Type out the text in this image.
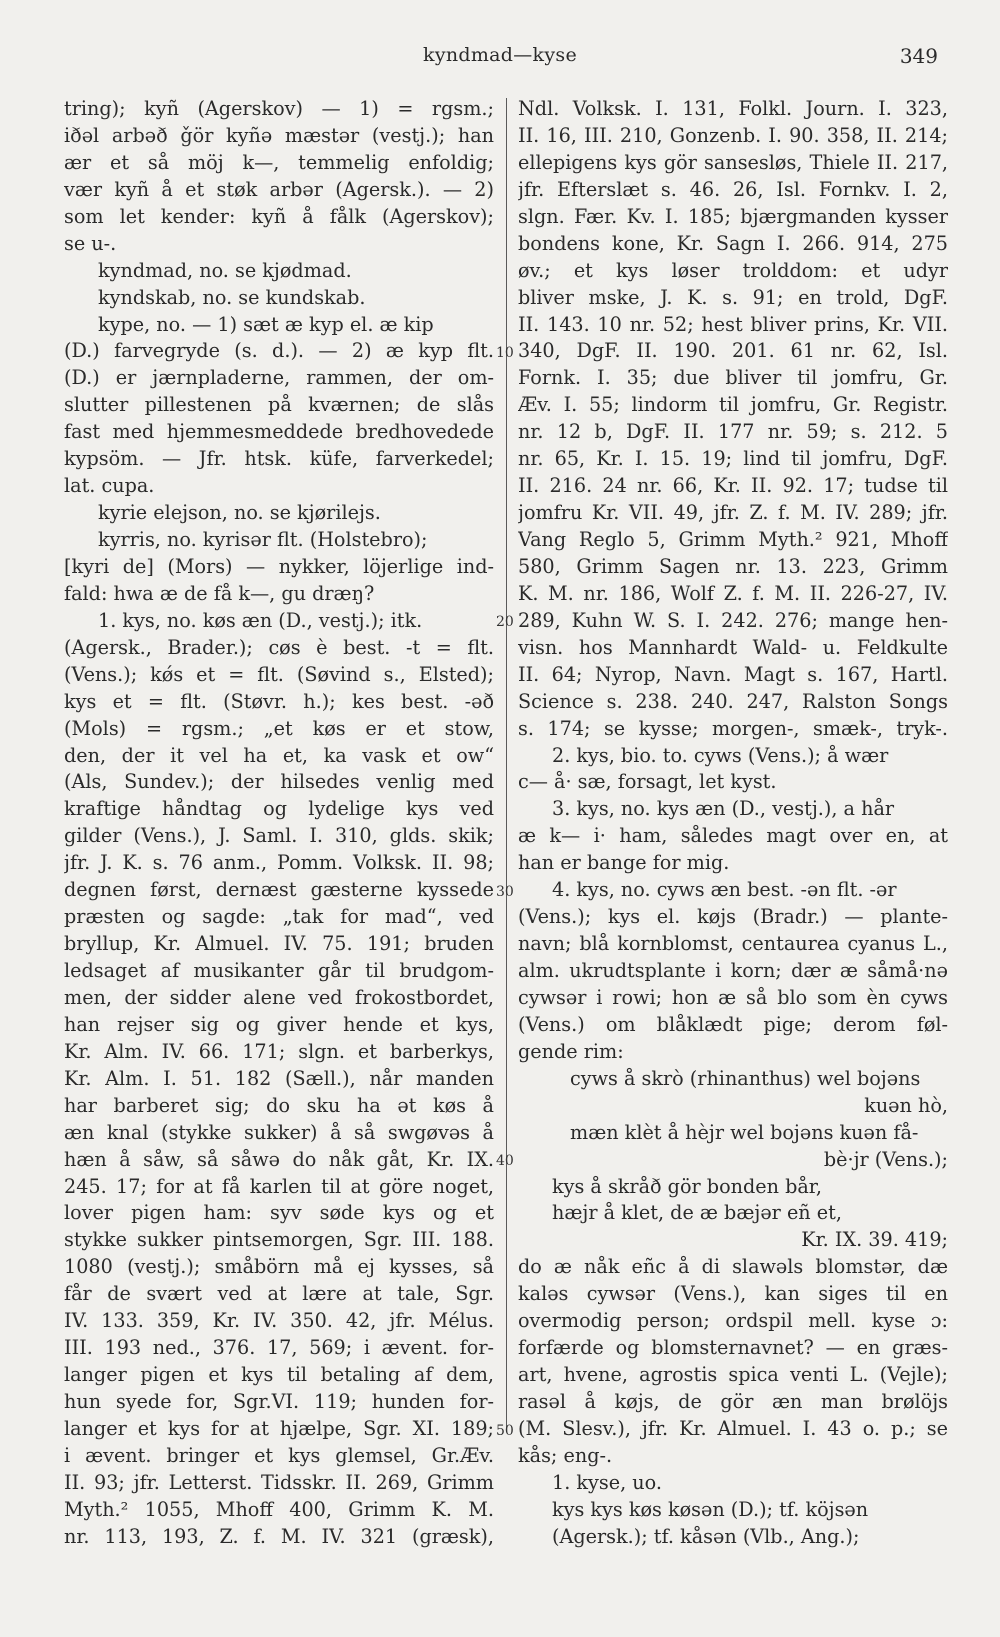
kyndmad—kyse	349
tring); kyñ (Agerskov) — 1) = rgsm.;
iðəl arbəð ǧör kyñə mæstər (vestj.); han
ær et så möj k—, temmelig enfoldig;
vær kyñ å et støk arbər (Agersk.). — 2)
som let kender: kyñ å fålk (Agerskov);
se u-.
kyndmad, no. se kjødmad.
kyndskab, no. se kundskab.
kype, no. — 1) sæt æ kyp el. æ kip
(D.) farvegryde (s. d.). — 2) æ kyp flt.
(D.) er jærnpladerne, rammen, der om-
slutter pillestenen på kværnen; de slås
fast med hjemmesmeddede bredhovedede
kypsöm. — Jfr. htsk. küfe, farverkedel;
lat. cupa.
kyrie elejson, no. se kjørilejs.
kyrris, no. kyrisər flt. (Holstebro);
[kyri de] (Mors) — nykker, löjerlige ind-
fald: hwa æ de få k—, gu dræŋ?
1. kys, no. køs æn (D., vestj.); itk.
(Agersk., Brader.); cøs è best. -t = flt.
(Vens.); kǿs et = flt. (Søvind s., Elsted);
kys et = flt. (Støvr. h.); kes best. -əð
(Mols) = rgsm.; „et køs er et stow,
den, der it vel ha et, ka vask et ow“
(Als, Sundev.); der hilsedes venlig med
kraftige håndtag og lydelige kys ved
gilder (Vens.), J. Saml. I. 310, glds. skik;
jfr. J. K. s. 76 anm., Pomm. Volksk. II. 98;
degnen først, dernæst gæsterne kyssede
præsten og sagde: „tak for mad“, ved
bryllup, Kr. Almuel. IV. 75. 191; bruden
ledsaget af musikanter går til brudgom-
men, der sidder alene ved frokostbordet,
han rejser sig og giver hende et kys,
Kr. Alm. IV. 66. 171; slgn. et barberkys,
Kr. Alm. I. 51. 182 (Sæll.), når manden
har barberet sig; do sku ha ət køs å
æn knal (stykke sukker) å så swgøvəs å
hæn å såw, så såwə do nåk gåt, Kr. IX.
245. 17; for at få karlen til at göre noget,
lover pigen ham: syv søde kys og et
stykke sukker pintsemorgen, Sgr. III. 188.
1080 (vestj.); småbörn må ej kysses, så
får de svært ved at lære at tale, Sgr.
IV. 133. 359, Kr. IV. 350. 42, jfr. Mélus.
III. 193 ned., 376. 17, 569; i ævent. for-
langer pigen et kys til betaling af dem,
hun syede for, Sgr.VI. 119; hunden for-
langer et kys for at hjælpe, Sgr. XI. 189;
i ævent. bringer et kys glemsel, Gr.Æv.
II. 93; jfr. Letterst. Tidsskr. II. 269, Grimm
Myth.² 1055, Mhoff 400, Grimm K. M.
nr. 113, 193, Z. f. M. IV. 321 (græsk),
Ndl. Volksk. I. 131, Folkl. Journ. I. 323,
II. 16, III. 210, Gonzenb. I. 90. 358, II. 214;
ellepigens kys gör sansesløs, Thiele II. 217,
jfr. Efterslæt s. 46. 26, Isl. Fornkv. I. 2,
slgn. Fær. Kv. I. 185; bjærgmanden kysser
bondens kone, Kr. Sagn I. 266. 914, 275
øv.; et kys løser trolddom: et udyr
bliver mske, J. K. s. 91; en trold, DgF.
II. 143. 10 nr. 52; hest bliver prins, Kr. VII.
340, DgF. II. 190. 201. 61 nr. 62, Isl.
Fornk. I. 35; due bliver til jomfru, Gr.
Æv. I. 55; lindorm til jomfru, Gr. Registr.
nr. 12 b, DgF. II. 177 nr. 59; s. 212. 5
nr. 65, Kr. I. 15. 19; lind til jomfru, DgF.
II. 216. 24 nr. 66, Kr. II. 92. 17; tudse til
jomfru Kr. VII. 49, jfr. Z. f. M. IV. 289; jfr.
Vang Reglo 5, Grimm Myth.² 921, Mhoff
580, Grimm Sagen nr. 13. 223, Grimm
K. M. nr. 186, Wolf Z. f. M. II. 226-27, IV.
289, Kuhn W. S. I. 242. 276; mange hen-
visn. hos Mannhardt Wald- u. Feldkulte
II. 64; Nyrop, Navn. Magt s. 167, Hartl.
Science s. 238. 240. 247, Ralston Songs
s. 174; se kysse; morgen-, smæk-, tryk-.
2. kys, bio. to. cyws (Vens.); å wær
c— å· sæ, forsagt, let kyst.
3. kys, no. kys æn (D., vestj.), a hår
æ k— i· ham, således magt over en, at
han er bange for mig.
4. kys, no. cyws æn best. -ən flt. -ər
(Vens.); kys el. køjs (Bradr.) — plante-
navn; blå kornblomst, centaurea cyanus L.,
alm. ukrudtsplante i korn; dær æ såmå·nə
cywsər i rowi; hon æ så blo som èn cyws
(Vens.) om blåklædt pige; derom føl-
gende rim:
cyws å skrò (rhinanthus) wel bojəns
kuən hò,
mæn klèt å hèjr wel bojəns kuən få-
bè·jr (Vens.);
kys å skråð gör bonden bår,
hæjr å klet, de æ bæjər eñ et,
Kr. IX. 39. 419;
do æ nåk eñc å di slawəls blomstər, dæ
kaləs cywsər (Vens.), kan siges til en
overmodig person; ordspil mell. kyse ɔ:
forfærde og blomsternavnet? — en græs-
art, hvene, agrostis spica venti L. (Vejle);
rasəl å køjs, de gör æn man brølöjs
(M. Slesv.), jfr. Kr. Almuel. I. 43 o. p.; se
kås; eng-.
1. kyse, uo.
kys kys køs køsən (D.); tf. köjsən
(Agersk.); tf. kåsən (Vlb., Ang.);
10
20
30
40
50
